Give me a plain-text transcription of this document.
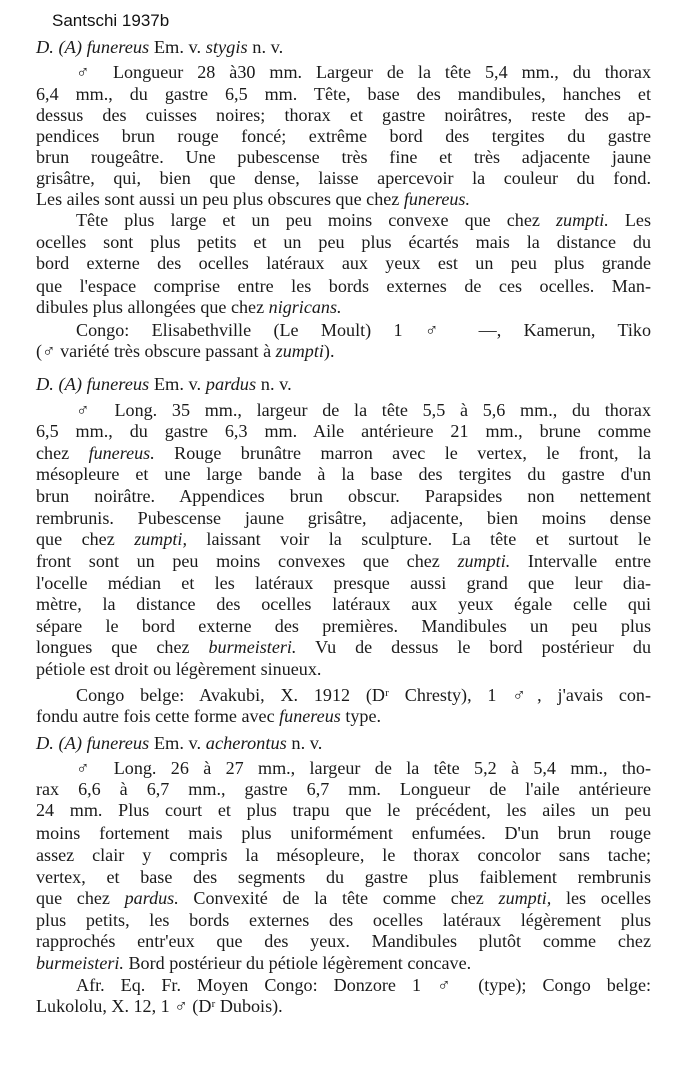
Santschi 1937b
D. (A) funereus Em. v. stygis n. v.
♂ Longueur 28 à30 mm. Largeur de la tête 5,4 mm., du thorax
6,4 mm., du gastre 6,5 mm. Tête, base des mandibules, hanches et
dessus des cuisses noires; thorax et gastre noirâtres, reste des ap-
pendices brun rouge foncé; extrême bord des tergites du gastre
brun rougeâtre. Une pubescense très fine et très adjacente jaune
grisâtre, qui, bien que dense, laisse apercevoir la couleur du fond.
Les ailes sont aussi un peu plus obscures que chez funereus.
Tête plus large et un peu moins convexe que chez zumpti. Les
ocelles sont plus petits et un peu plus écartés mais la distance du
bord externe des ocelles latéraux aux yeux est un peu plus grande
que l'espace comprise entre les bords externes de ces ocelles. Man-
dibules plus allongées que chez nigricans.
Congo: Elisabethville (Le Moult) 1 ♂ —, Kamerun, Tiko
(♂ variété très obscure passant à zumpti).
D. (A) funereus Em. v. pardus n. v.
♂ Long. 35 mm., largeur de la tête 5,5 à 5,6 mm., du thorax
6,5 mm., du gastre 6,3 mm. Aile antérieure 21 mm., brune comme
chez funereus. Rouge brunâtre marron avec le vertex, le front, la
mésopleure et une large bande à la base des tergites du gastre d'un
brun noirâtre. Appendices brun obscur. Parapsides non nettement
rembrunis. Pubescense jaune grisâtre, adjacente, bien moins dense
que chez zumpti, laissant voir la sculpture. La tête et surtout le
front sont un peu moins convexes que chez zumpti. Intervalle entre
l'ocelle médian et les latéraux presque aussi grand que leur dia-
mètre, la distance des ocelles latéraux aux yeux égale celle qui
sépare le bord externe des premières. Mandibules un peu plus
longues que chez burmeisteri. Vu de dessus le bord postérieur du
pétiole est droit ou légèrement sinueux.
Congo belge: Avakubi, X. 1912 (Dʳ Chresty), 1 ♂, j'avais con-
fondu autre fois cette forme avec funereus type.
D. (A) funereus Em. v. acherontus n. v.
♂ Long. 26 à 27 mm., largeur de la tête 5,2 à 5,4 mm., tho-
rax 6,6 à 6,7 mm., gastre 6,7 mm. Longueur de l'aile antérieure
24 mm. Plus court et plus trapu que le précédent, les ailes un peu
moins fortement mais plus uniformément enfumées. D'un brun rouge
assez clair y compris la mésopleure, le thorax concolor sans tache;
vertex, et base des segments du gastre plus faiblement rembrunis
que chez pardus. Convexité de la tête comme chez zumpti, les ocelles
plus petits, les bords externes des ocelles latéraux légèrement plus
rapprochés entr'eux que des yeux. Mandibules plutôt comme chez
burmeisteri. Bord postérieur du pétiole légèrement concave.
Afr. Eq. Fr. Moyen Congo: Donzore 1 ♂ (type); Congo belge:
Lukololu, X. 12, 1 ♂ (Dʳ Dubois).
